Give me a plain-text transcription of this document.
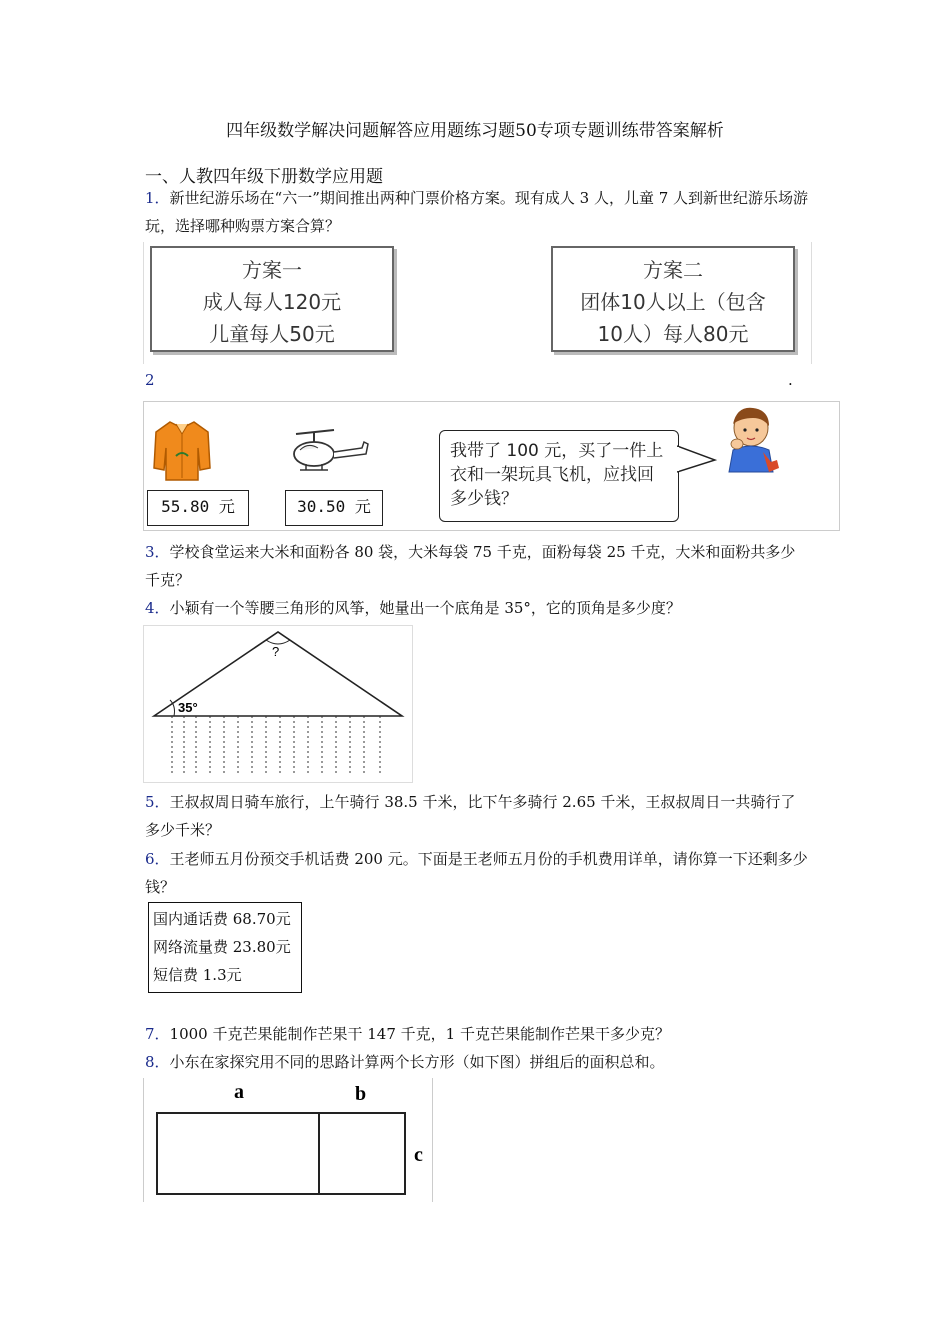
四年级数学解决问题解答应用题练习题50专项专题训练带答案解析
一、人教四年级下册数学应用题
1．新世纪游乐场在“六一”期间推出两种门票价格方案。现有成人 3 人，儿童 7 人到新世纪游乐场游玩，选择哪种购票方案合算？
方案一
成人每人120元
儿童每人50元
方案二
团体10人以上（包含
10人）每人80元
2	.
55.80 元	30.50 元
我带了 100 元，买了一件上衣和一架玩具飞机，应找回多少钱？
3．学校食堂运来大米和面粉各 80 袋，大米每袋 75 千克，面粉每袋 25 千克，大米和面粉共多少千克？
4．小颖有一个等腰三角形的风筝，她量出一个底角是 35°，它的顶角是多少度？
?
35°
5．王叔叔周日骑车旅行，上午骑行 38.5 千米，比下午多骑行 2.65 千米，王叔叔周日一共骑行了多少千米？
6．王老师五月份预交手机话费 200 元。下面是王老师五月份的手机费用详单，请你算一下还剩多少钱？
国内通话费 68.70元
网络流量费 23.80元
短信费 1.3元
7．1000 千克芒果能制作芒果干 147 千克，1 千克芒果能制作芒果干多少克？
8．小东在家探究用不同的思路计算两个长方形（如下图）拼组后的面积总和。
a	b
c
